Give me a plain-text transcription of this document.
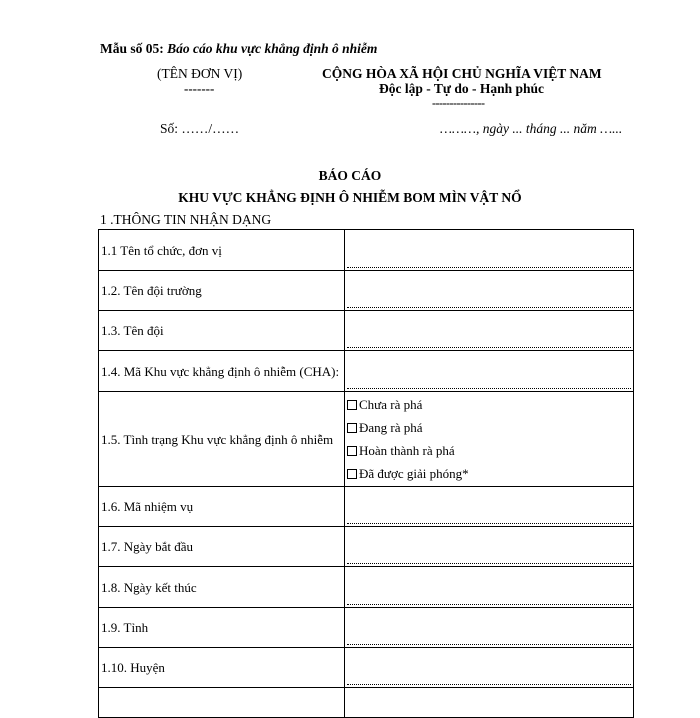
Mẫu số 05: Báo cáo khu vực khẳng định ô nhiễm
(TÊN ĐƠN VỊ)
-------
CỘNG HÒA XÃ HỘI CHỦ NGHĨA VIỆT NAM
Độc lập - Tự do - Hạnh phúc
---------------
Số: ……/……	………, ngày ... tháng ... năm …...
BÁO CÁO
KHU VỰC KHẲNG ĐỊNH Ô NHIỄM BOM MÌN VẬT NỔ
1 .THÔNG TIN NHẬN DẠNG
1.1 Tên tổ chức, đơn vị	

1.2. Tên đội trường	

1.3. Tên đội	

1.4. Mã Khu vực khẳng định ô nhiễm (CHA):	

1.5. Tình trạng Khu vực khẳng định ô nhiễm	Chưa rà phá
Đang rà phá
Hoàn thành rà phá
Đã được giải phóng*

1.6. Mã nhiệm vụ	

1.7. Ngày bắt đầu	

1.8. Ngày kết thúc	

1.9. Tỉnh	

1.10. Huyện	
